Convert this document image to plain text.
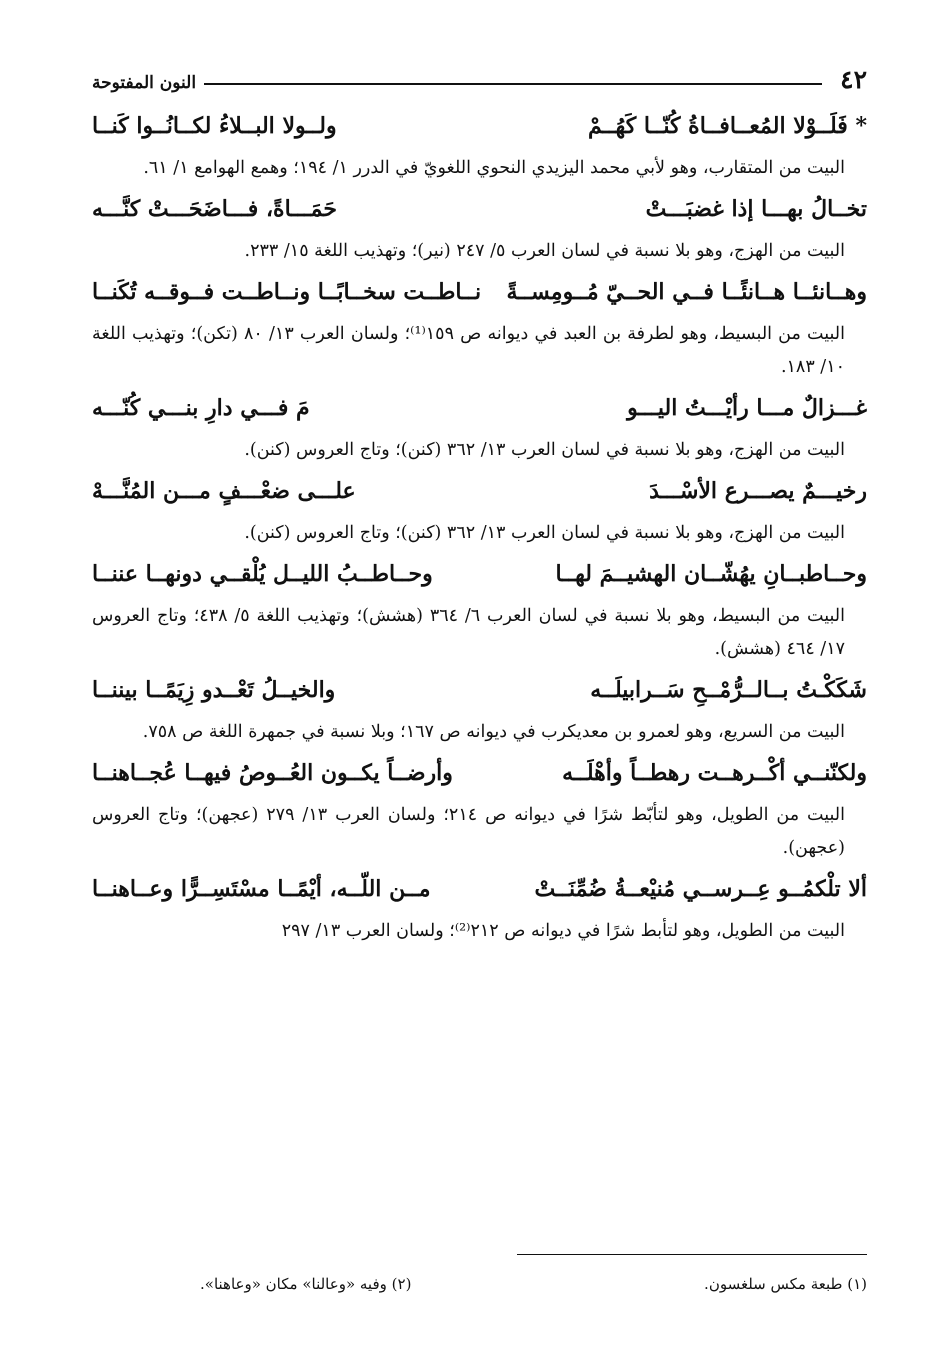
٤٢
النون المفتوحة
* فَلَــوْلا المُعــافــاةُ كُنّــا كَهُــمْ
ولــولا البــلاءُ لكــانُــوا كَنــا
البيت من المتقارب، وهو لأبي محمد اليزيدي النحوي اللغويّ في الدرر ١/ ١٩٤؛ وهمع الهوامع ١/ ٦١.
تخــالُ بهـــا إذا غضبَـــتْ
حَمَـــاةً، فـــاضَحَـــتْ كنَّـــه
البيت من الهزج، وهو بلا نسبة في لسان العرب ٥/ ٢٤٧ (نير)؛ وتهذيب اللغة ١٥/ ٢٣٣.
وهــانئــا هــانئًــا فــي الحــيّ مُــومِســةً
نــاطــت سخــابًــا ونــاطــت فــوقــه تُكَنــا
البيت من البسيط، وهو لطرفة بن العبد في ديوانه ص ١٥٩⁽¹⁾؛ ولسان العرب ١٣/ ٨٠ (تكن)؛ وتهذيب اللغة ١٠/ ١٨٣.
غـــزالٌ مـــا رأيْـــتُ اليـــو
مَ فـــي دارِ بنـــي كُنّـــه
البيت من الهزج، وهو بلا نسبة في لسان العرب ١٣/ ٣٦٢ (كنن)؛ وتاج العروس (كنن).
رخيـــمٌ يصـــرع الأسْـــدَ
علـــى ضعْـــفٍ مـــن المُنَّـــهْ
البيت من الهزج، وهو بلا نسبة في لسان العرب ١٣/ ٣٦٢ (كنن)؛ وتاج العروس (كنن).
وحــاطبــانِ يهُشّــان الهشيــمَ لهــا
وحــاطــبُ الليــل يُلْقــي دونهــا عننــا
البيت من البسيط، وهو بلا نسبة في لسان العرب ٦/ ٣٦٤ (هشش)؛ وتهذيب اللغة ٥/ ٤٣٨؛ وتاج العروس ١٧/ ٤٦٤ (هشش).
شَكَكْـتُ بــالــرُّمْــحِ سَــرابيلَــه
والخيــلُ تَعْــدو زِيَمًــا بيننــا
البيت من السريع، وهو لعمرو بن معديكرب في ديوانه ص ١٦٧؛ وبلا نسبة في جمهرة اللغة ص ٧٥٨.
ولكنّنــي أكْــرهــت رهطــاً وأهْلَــه
وأرضــاً يكــون العُــوصُ فيهــا عُجــاهنــا
البيت من الطويل، وهو لتأبّط شرًا في ديوانه ص ٢١٤؛ ولسان العرب ١٣/ ٢٧٩ (عجهن)؛ وتاج العروس (عجهن).
ألا تلْكمُــو عِــرســي مُنيْعــةُ ضُمِّنَــتْ
مــن اللّــه، أيْمًــا مسْتَسِــرًّا وعــاهنــا
البيت من الطويل، وهو لتأبط شرًا في ديوانه ص ٢١٢⁽²⁾؛ ولسان العرب ١٣/ ٢٩٧
(١) طبعة مكس سلغسون.
(٢) وفيه «وعالنا» مكان «وعاهنا».
